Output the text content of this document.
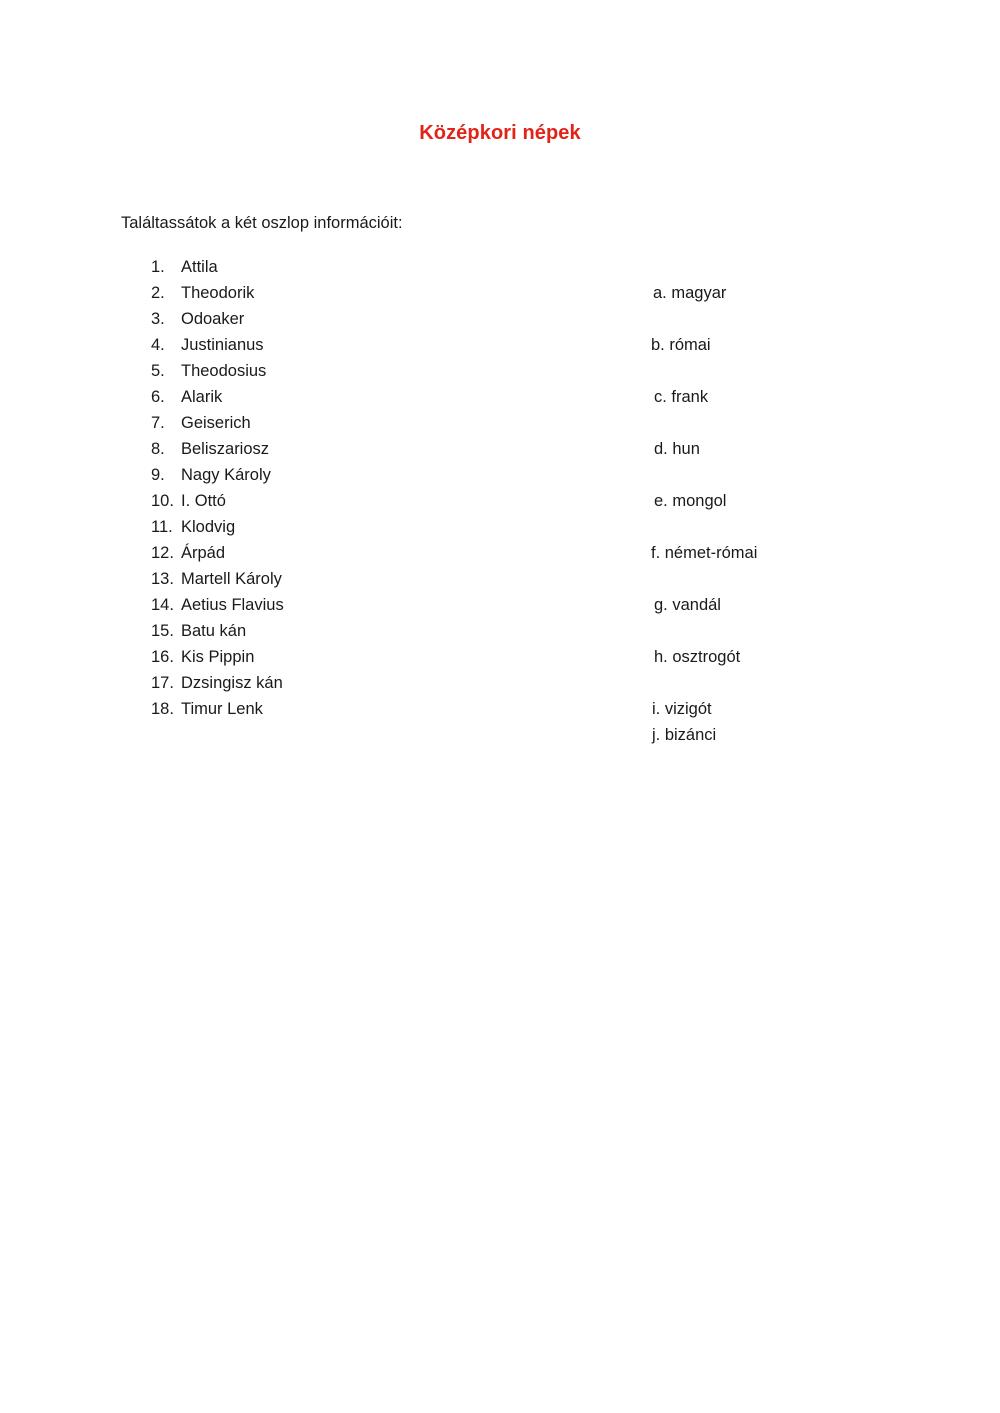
Középkori népek
Találtassátok a két oszlop információit:
1. Attila
2. Theodorik
3. Odoaker
4. Justinianus
5. Theodosius
6. Alarik
7. Geiserich
8. Beliszariosz
9. Nagy Károly
10. I. Ottó
11. Klodvig
12. Árpád
13. Martell Károly
14. Aetius Flavius
15. Batu kán
16. Kis Pippin
17. Dzsingisz kán
18. Timur Lenk
a. magyar
b. római
c. frank
d. hun
e. mongol
f. német-római
g. vandál
h. osztrogót
i. vizigót
j. bizánci
